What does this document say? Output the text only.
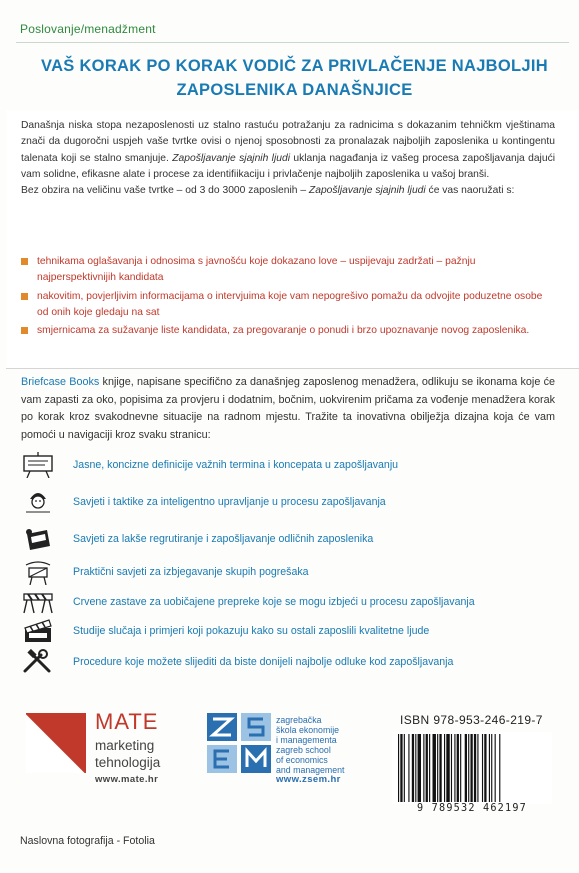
Poslovanje/menadžment
VAŠ KORAK PO KORAK VODIČ ZA PRIVLAČENJE NAJBOLJIH
ZAPOSLENIKA DANAŠNJICE

Današnja niska stopa nezaposlenosti uz stalno rastuću potražanju za radnicima s dokazanim tehničkm vještinama znači da dugoročni uspjeh vaše tvrtke ovisi o njenoj sposobnosti za pronalazak najboljih zaposlenika u kontingentu talenata koji se stalno smanjuje. Zapošljavanje sjajnih ljudi uklanja nagađanja iz vašeg procesa zapošljavanja dajući vam solidne, efikasne alate i procese za identifiikaciju i privlačenje najboljih zaposlenika u vašoj branši.

Bez obzira na veličinu vaše tvrtke – od 3 do 3000 zaposlenih – Zapošljavanje sjajnih ljudi će vas naoružati s:

tehnikama oglašavanja i odnosima s javnošću koje dokazano love – uspijevaju zadržati – pažnju najperspektivnijih kandidata
nakovitim, povjerljivim informacijama o intervjuima koje vam nepogrešivo pomažu da odvojite poduzetne osobe od onih koje gledaju na sat
smjernicama za sužavanje liste kandidata, za pregovaranje o ponudi i brzo upoznavanje novog zaposlenika.
Briefcase Books knjige, napisane specifično za današnjeg zaposlenog menadžera, odlikuju se ikonama koje će vam zapasti za oko, popisima za provjeru i dodatnim, bočnim, uokvirenim pričama za vođenje menadžera korak po korak kroz svakodnevne situacije na radnom mjestu. Tražite ta inovativna obilježja dizajna koja će vam pomoći u navigaciji kroz svaku stranicu:
Jasne, koncizne definicije važnih termina i koncepata u zapošljavanju
Savjeti i taktike za inteligentno upravljanje u procesu zapošljavanja
Savjeti za lakše regrutiranje i zapošljavanje odličnih zaposlenika
Praktični savjeti za izbjegavanje skupih pogrešaka
Crvene zastave za uobičajene prepreke koje se mogu izbjeći u procesu zapošljavanja
Studije slučaja i primjeri koji pokazuju kako su ostali zaposlili kvalitetne ljude
Procedure koje možete slijediti da biste donijeli najbolje odluke kod zapošljavanja
MATE
marketing
tehnologija
www.mate.hr
zagrebačka
škola ekonomije
i managementa
zagreb school
of economics
and management
www.zsem.hr
ISBN 978-953-246-219-7
9 789532 462197
Naslovna fotografija - Fotolia
